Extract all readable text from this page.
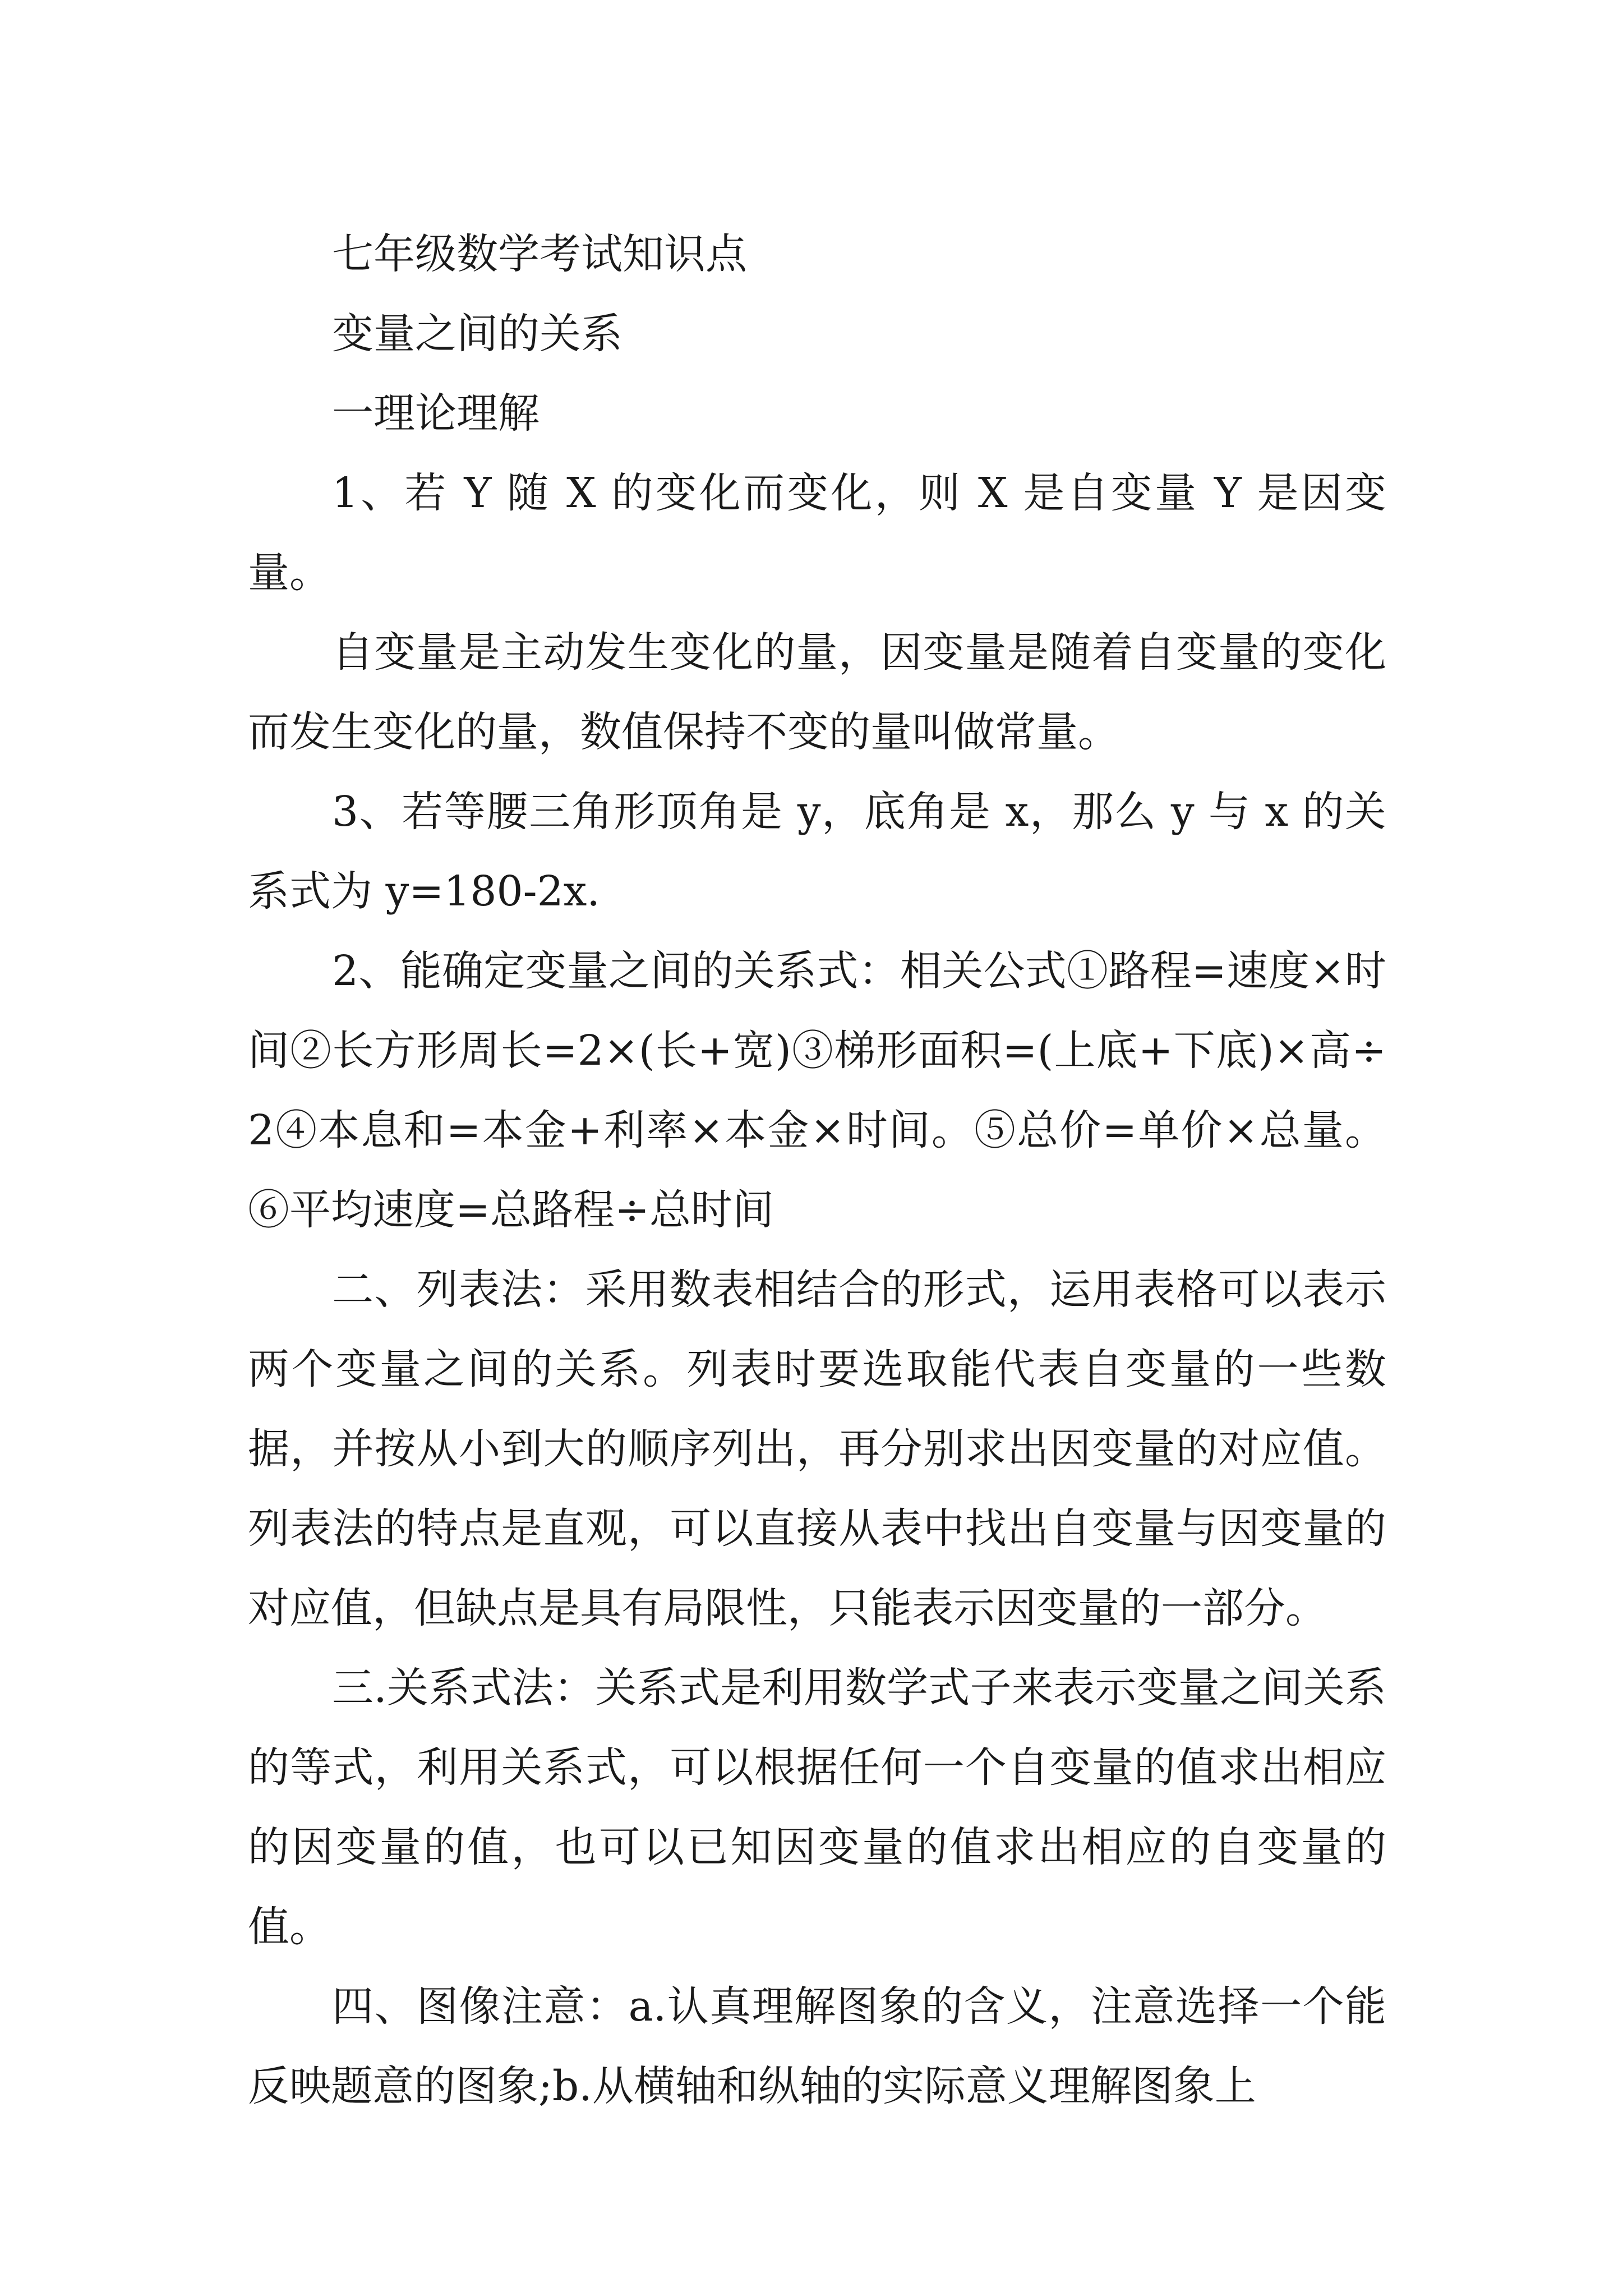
七年级数学考试知识点

变量之间的关系

一理论理解

1、若 Y 随 X 的变化而变化，则 X 是自变量 Y 是因变量。

自变量是主动发生变化的量，因变量是随着自变量的变化而发生变化的量，数值保持不变的量叫做常量。

3、若等腰三角形顶角是 y，底角是 x，那么 y 与 x 的关系式为 y=180-2x.

2、能确定变量之间的关系式：相关公式①路程=速度×时间②长方形周长=2×(长+宽)③梯形面积=(上底+下底)×高÷2④本息和=本金+利率×本金×时间。⑤总价=单价×总量。⑥平均速度=总路程÷总时间

二、列表法：采用数表相结合的形式，运用表格可以表示两个变量之间的关系。列表时要选取能代表自变量的一些数据，并按从小到大的顺序列出，再分别求出因变量的对应值。列表法的特点是直观，可以直接从表中找出自变量与因变量的对应值，但缺点是具有局限性，只能表示因变量的一部分。

三.关系式法：关系式是利用数学式子来表示变量之间关系的等式，利用关系式，可以根据任何一个自变量的值求出相应的因变量的值，也可以已知因变量的值求出相应的自变量的值。

四、图像注意：a.认真理解图象的含义，注意选择一个能反映题意的图象;b.从横轴和纵轴的实际意义理解图象上
